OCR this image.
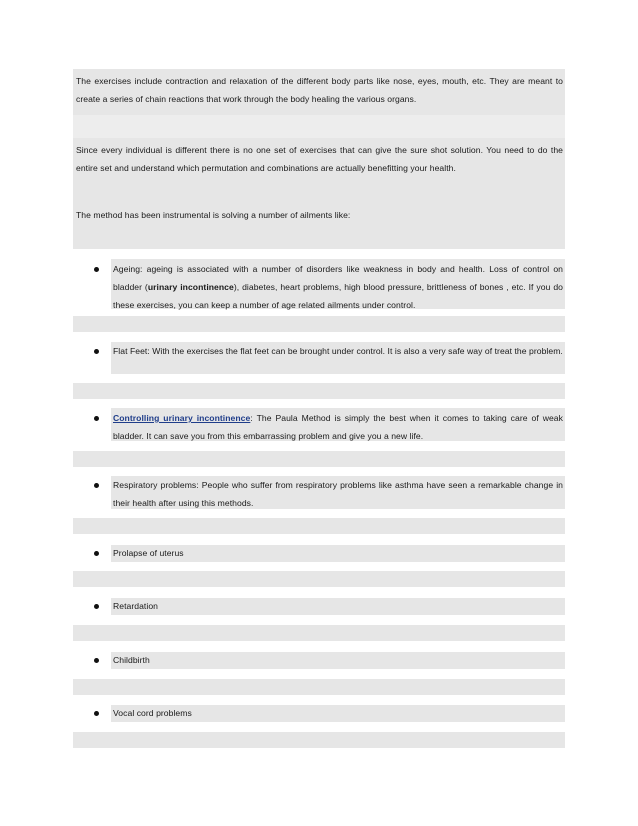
The exercises include contraction and relaxation of the different body parts like nose, eyes, mouth, etc. They are meant to create a series of chain reactions that work through the body healing the various organs.
Since every individual is different there is no one set of exercises that can give the sure shot solution. You need to do the entire set and understand which permutation and combinations are actually benefitting your health.
The method has been instrumental is solving a number of ailments like:
Ageing: ageing is associated with a number of disorders like weakness in body and health. Loss of control on bladder (urinary incontinence), diabetes, heart problems, high blood pressure, brittleness of bones , etc. If you do these exercises, you can keep a number of age related ailments under control.
Flat Feet: With the exercises the flat feet can be brought under control. It is also a very safe way of treat the problem.
Controlling urinary incontinence: The Paula Method is simply the best when it comes to taking care of weak bladder. It can save you from this embarrassing problem and give you a new life.
Respiratory problems: People who suffer from respiratory problems like asthma have seen a remarkable change in their health after using this methods.
Prolapse of uterus
Retardation
Childbirth
Vocal cord problems
